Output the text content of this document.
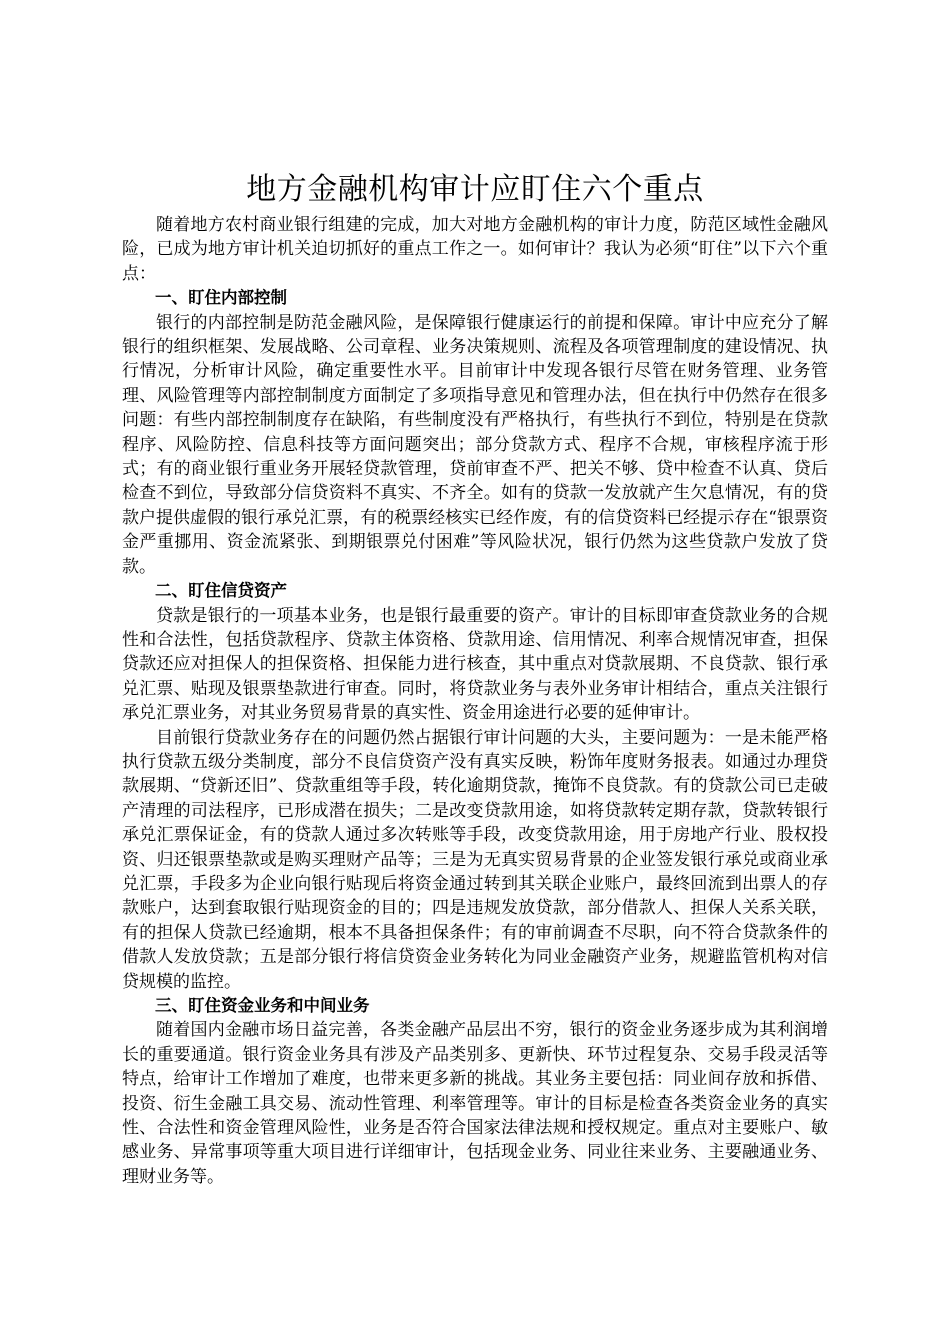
地方金融机构审计应盯住六个重点

随着地方农村商业银行组建的完成，加大对地方金融机构的审计力度，防范区域性金融风险，已成为地方审计机关迫切抓好的重点工作之一。如何审计？我认为必须“盯住”以下六个重点：

一、盯住内部控制

银行的内部控制是防范金融风险，是保障银行健康运行的前提和保障。审计中应充分了解银行的组织框架、发展战略、公司章程、业务决策规则、流程及各项管理制度的建设情况、执行情况，分析审计风险，确定重要性水平。目前审计中发现各银行尽管在财务管理、业务管理、风险管理等内部控制制度方面制定了多项指导意见和管理办法，但在执行中仍然存在很多问题：有些内部控制制度存在缺陷，有些制度没有严格执行，有些执行不到位，特别是在贷款程序、风险防控、信息科技等方面问题突出；部分贷款方式、程序不合规，审核程序流于形式；有的商业银行重业务开展轻贷款管理，贷前审查不严、把关不够、贷中检查不认真、贷后检查不到位，导致部分信贷资料不真实、不齐全。如有的贷款一发放就产生欠息情况，有的贷款户提供虚假的银行承兑汇票，有的税票经核实已经作废，有的信贷资料已经提示存在“银票资金严重挪用、资金流紧张、到期银票兑付困难”等风险状况，银行仍然为这些贷款户发放了贷款。

二、盯住信贷资产

贷款是银行的一项基本业务，也是银行最重要的资产。审计的目标即审查贷款业务的合规性和合法性，包括贷款程序、贷款主体资格、贷款用途、信用情况、利率合规情况审查，担保贷款还应对担保人的担保资格、担保能力进行核查，其中重点对贷款展期、不良贷款、银行承兑汇票、贴现及银票垫款进行审查。同时，将贷款业务与表外业务审计相结合，重点关注银行承兑汇票业务，对其业务贸易背景的真实性、资金用途进行必要的延伸审计。

目前银行贷款业务存在的问题仍然占据银行审计问题的大头，主要问题为：一是未能严格执行贷款五级分类制度，部分不良信贷资产没有真实反映，粉饰年度财务报表。如通过办理贷款展期、“贷新还旧”、贷款重组等手段，转化逾期贷款，掩饰不良贷款。有的贷款公司已走破产清理的司法程序，已形成潜在损失；二是改变贷款用途，如将贷款转定期存款，贷款转银行承兑汇票保证金，有的贷款人通过多次转账等手段，改变贷款用途，用于房地产行业、股权投资、归还银票垫款或是购买理财产品等；三是为无真实贸易背景的企业签发银行承兑或商业承兑汇票，手段多为企业向银行贴现后将资金通过转到其关联企业账户，最终回流到出票人的存款账户，达到套取银行贴现资金的目的；四是违规发放贷款，部分借款人、担保人关系关联，有的担保人贷款已经逾期，根本不具备担保条件；有的审前调查不尽职，向不符合贷款条件的借款人发放贷款；五是部分银行将信贷资金业务转化为同业金融资产业务，规避监管机构对信贷规模的监控。

三、盯住资金业务和中间业务

随着国内金融市场日益完善，各类金融产品层出不穷，银行的资金业务逐步成为其利润增长的重要通道。银行资金业务具有涉及产品类别多、更新快、环节过程复杂、交易手段灵活等特点，给审计工作增加了难度，也带来更多新的挑战。其业务主要包括：同业间存放和拆借、投资、衍生金融工具交易、流动性管理、利率管理等。审计的目标是检查各类资金业务的真实性、合法性和资金管理风险性，业务是否符合国家法律法规和授权规定。重点对主要账户、敏感业务、异常事项等重大项目进行详细审计，包括现金业务、同业往来业务、主要融通业务、理财业务等。
